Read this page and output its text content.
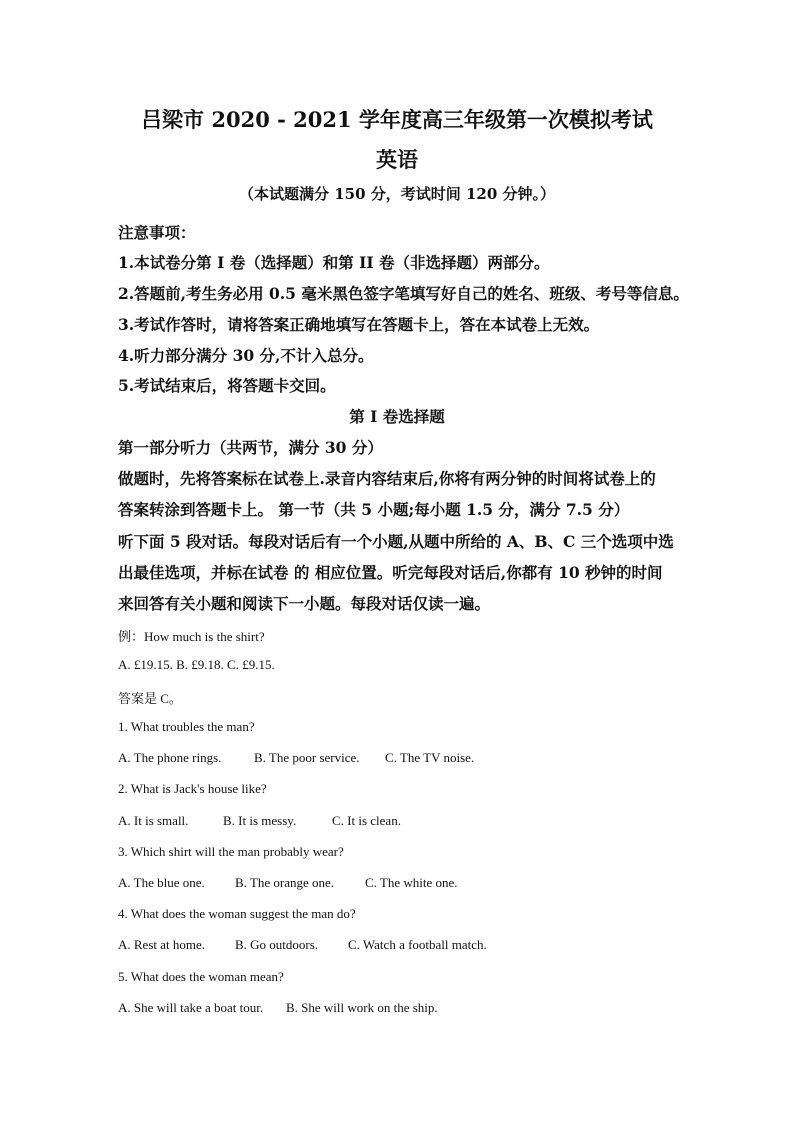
吕梁市 2020 - 2021 学年度高三年级第一次模拟考试
英语
（本试题满分 150 分，考试时间 120 分钟。）
注意事项：
1.本试卷分第 I 卷（选择题）和第 II 卷（非选择题）两部分。
2.答题前,考生务必用 0.5 毫米黑色签字笔填写好自己的姓名、班级、考号等信息。
3.考试作答时，请将答案正确地填写在答题卡上，答在本试卷上无效。
4.听力部分满分 30 分,不计入总分。
5.考试结束后，将答题卡交回。
第 I 卷选择题
第一部分听力（共两节，满分 30 分）
做题时，先将答案标在试卷上.录音内容结束后,你将有两分钟的时间将试卷上的
答案转涂到答题卡上。 第一节（共 5 小题;每小题 1.5 分，满分 7.5 分）
听下面 5 段对话。每段对话后有一个小题,从题中所给的 A、B、C 三个选项中选
出最佳选项，并标在试卷 的 相应位置。听完每段对话后,你都有 10 秒钟的时间
来回答有关小题和阅读下一小题。每段对话仅读一遍。
例：How much is the shirt?
A. £19.15. B. £9.18. C. £9.15.
答案是 C。
1. What troubles the man?
A. The phone rings.	B. The poor service. C. The TV noise.
2. What is Jack's house like?
A. It is small.	B. It is messy.	C. It is clean.
3. Which shirt will the man probably wear?
A. The blue one. B. The orange one. C. The white one.
4. What does the woman suggest the man do?
A. Rest at home. B. Go outdoors. C. Watch a football match.
5. What does the woman mean?
A. She will take a boat tour. B. She will work on the ship.
